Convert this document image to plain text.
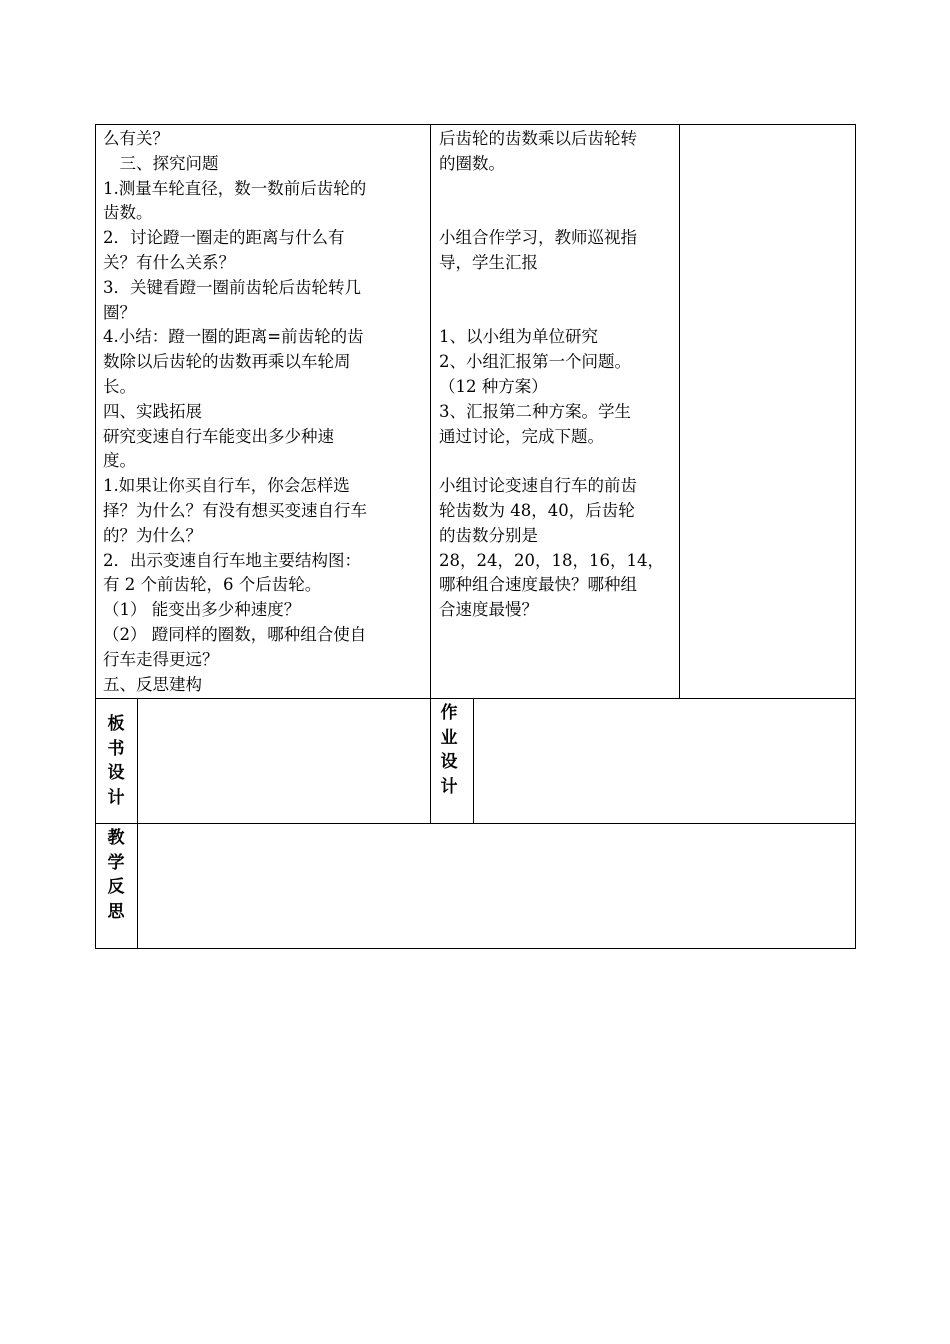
么有关？
　三、探究问题
1.测量车轮直径，数一数前后齿轮的
齿数。
2．讨论蹬一圈走的距离与什么有
关？有什么关系？
3．关键看蹬一圈前齿轮后齿轮转几
圈？
4.小结：蹬一圈的距离=前齿轮的齿
数除以后齿轮的齿数再乘以车轮周
长。
四、实践拓展
研究变速自行车能变出多少种速
度。
1.如果让你买自行车，你会怎样选
择？为什么？有没有想买变速自行车
的？为什么？
2．出示变速自行车地主要结构图：
有 2 个前齿轮，6 个后齿轮。
（1） 能变出多少种速度？
（2） 蹬同样的圈数，哪种组合使自
行车走得更远？
五、反思建构
后齿轮的齿数乘以后齿轮转
的圈数。
小组合作学习，教师巡视指
导，学生汇报
1、以小组为单位研究
2、小组汇报第一个问题。
（12 种方案）
3、汇报第二种方案。学生
通过讨论，完成下题。
小组讨论变速自行车的前齿
轮齿数为 48，40，后齿轮
的齿数分别是
28，24，20，18，16，14，
哪种组合速度最快？哪种组
合速度最慢？
板
书
设
计
作
业
设
计
教
学
反
思
